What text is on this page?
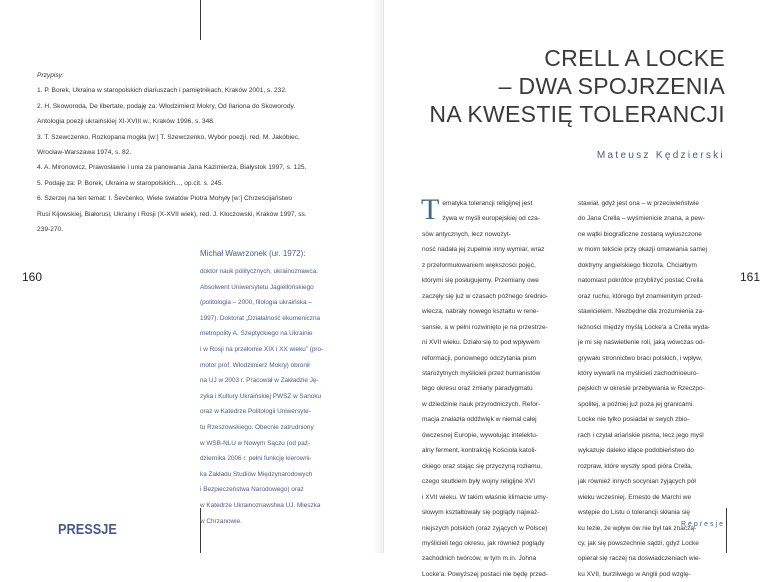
Przypisy:
1. P. Borek, Ukraina w staropolskich diariuszach i pamiętnikach, Kraków 2001, s. 232.
2. H. Skoworoda, De libertate, podaję za: Włodzimierz Mokry, Od Ilariona do Skoworody.
Antologia poezji ukraińskiej XI-XVIII w., Kraków 1996, s. 348.
3. T. Szewczenko, Rozkopana mogiła [w:] T. Szewczenko, Wybór poezji, red. M. Jakóbiec,
Wrocław-Warszawa 1974, s. 82.
4. A. Mironowicz, Prawosławie i unia za panowania Jana Kazimierza, Białystok 1997, s. 125.
5. Podaję za: P. Borek, Ukraina w staropolskich..., op.cit. s. 245.
6. Szerzej na ten temat: I. Ševčenko, Wiele światów Piotra Mohyły [w:] Chrześcijaństwo
Rusi Kijowskiej, Białorusi, Ukrainy i Rosji (X-XVII wiek), red. J. Kłoczowski, Kraków 1997, ss.
239-270.
Michał Wawrzonek (ur. 1972):
doktor nauk politycznych, ukrainoznawca.
Absolwent Uniwersytetu Jagiellońskiego
(politologia – 2000, filologia ukraińska –
1997). Doktorat „Działalność ekumeniczna
metropolity A. Szeptyckiego na Ukrainie
i w Rosji na przełomie XIX i XX wieku” (pro-
motor prof. Włodzimierz Mokry) obronił
na UJ w 2003 r. Pracował w Zakładzie Ję-
zyka i Kultury Ukraińskiej PWSZ w Sanoku
oraz w Katedrze Politologii Uniwersyte-
tu Rzeszowskiego. Obecnie zatrudniony
w WSB-NLU w Nowym Sączu (od paź-
dziernika 2006 r. pełni funkcję kierowni-
ka Zakładu Studiów Międzynarodowych
i Bezpieczeństwa Narodowego) oraz
w Katedrze Ukrainoznawstwa UJ. Mieszka
w Chrzanowie.
160
PRESSJE
CRELL A LOCKE
– DWA SPOJRZENIA
NA KWESTIĘ TOLERANCJI
Mateusz Kędzierski
T ematyka tolerancji religijnej jest
żywa w myśli europejskiej od cza-
sów antycznych, lecz nowożyt-
ność nadała jej zupełnie inny wymiar, wraz
z przeformułowaniem większości pojęć,
którymi się posługujemy. Przemiany owe
zaczęły się już w czasach późnego średnio-
wiecza, nabrały nowego kształtu w rene-
sansie, a w pełni rozwinięto je na przestrze-
ni XVII wieku. Działo się to pod wpływem
reformacji, ponownego odczytania pism
starożytnych myślicieli przez humanistów
tego okresu oraz zmiany paradygmatu
w dziedzinie nauk przyrodniczych. Refor-
macja znalazła oddźwięk w niemal całej
ówczesnej Europie, wywołując intelektu-
alny ferment, kontrakcję Kościoła katoli-
ckiego oraz stając się przyczyną rozłamu,
czego skutkiem były wojny religijne XVI
i XVII wieku. W takim właśnie klimacie umy-
słowym kształtowały się poglądy najważ-
niejszych polskich (oraz żyjących w Polsce)
myślicieli tego okresu, jak również poglądy
zachodnich twórców, w tym m.in. Johna
Locke'a. Powyższej postaci nie będę przed-
stawiał, gdyż jest ona – w przeciwieństwie
do Jana Crella – wyśmienicie znana, a pew-
ne wątki biograficzne zostaną wyłuszczone
w moim tekście przy okazji omawiania samej
doktryny angielskiego filozofa. Chciałbym
natomiast pokrótce przybliżyć postać Crella
oraz ruchu, którego był znamienitym przed-
stawicielem. Niezbędne dla zrozumienia za-
leżności między myślą Locke'a a Crella wyda-
je mi się naświetlenie roli, jaką wówczas od-
grywało stronnictwo braci polskich, i wpływ,
który wywarli na myślicieli zachodnioeuro-
pejskich w okresie przebywania w Rzeczpo-
spolitej, a później już poza jej granicami.
Locke nie tylko posiadał w swych zbio-
rach i czytał ariańskie pisma, lecz jego myśl
wykazuje daleko idące podobieństwo do
rozpraw, które wyszły spod pióra Crella,
jak również innych socynian żyjących pół
wieku wcześniej. Ernesto de Marchi we
wstępie do Listu o tolerancji skłania się
ku tezie, że wpływ ów nie był tak znaczą-
cy, jak się powszechnie sądzi, gdyż Locke
opierał się raczej na doświadczeniach wie-
ku XVII, burzliwego w Anglii pod wzglę-
161
Represje
